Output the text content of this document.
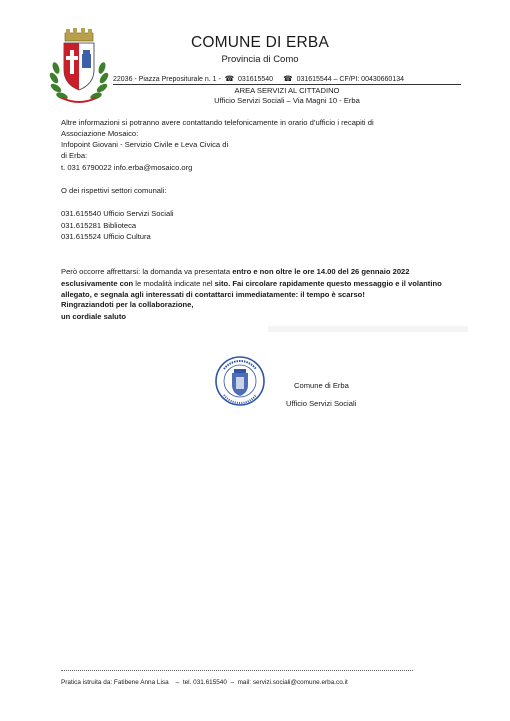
COMUNE DI ERBA
Provincia di Como
22036 - Piazza Prepositurale n. 1 - ☎ 031615540    ☎ 031615544 – CF/PI: 00430660134
AREA SERVIZI AL CITTADINO
Ufficio Servizi Sociali – Via Magni 10 - Erba
Altre informazioni si potranno avere contattando telefonicamente in orario d’ufficio i recapiti di
Associazione Mosaico:
Infopoint Giovani - Servizio Civile e Leva Civica di
di Erba:
t. 031 6790022 info.erba@mosaico.org
O dei rispettivi settori comunali:
031.615540 Ufficio Servizi Sociali
031.615281 Biblioteca
031.615524 Ufficio Cultura
Però occorre affrettarsi: la domanda va presentata entro e non oltre le ore 14.00 del 26 gennaio 2022 esclusivamente con le modalità indicate nel sito. Fai circolare rapidamente questo messaggio e il volantino allegato, e segnala agli interessati di contattarci immediatamente: il tempo è scarso!
Ringraziandoti per la collaborazione,
un cordiale saluto
Comune di Erba
Ufficio Servizi Sociali
Pratica istruita da: Fatibene Anna Lisa    –  tel. 031.615540  –  mail: servizi.sociali@comune.erba.co.it
